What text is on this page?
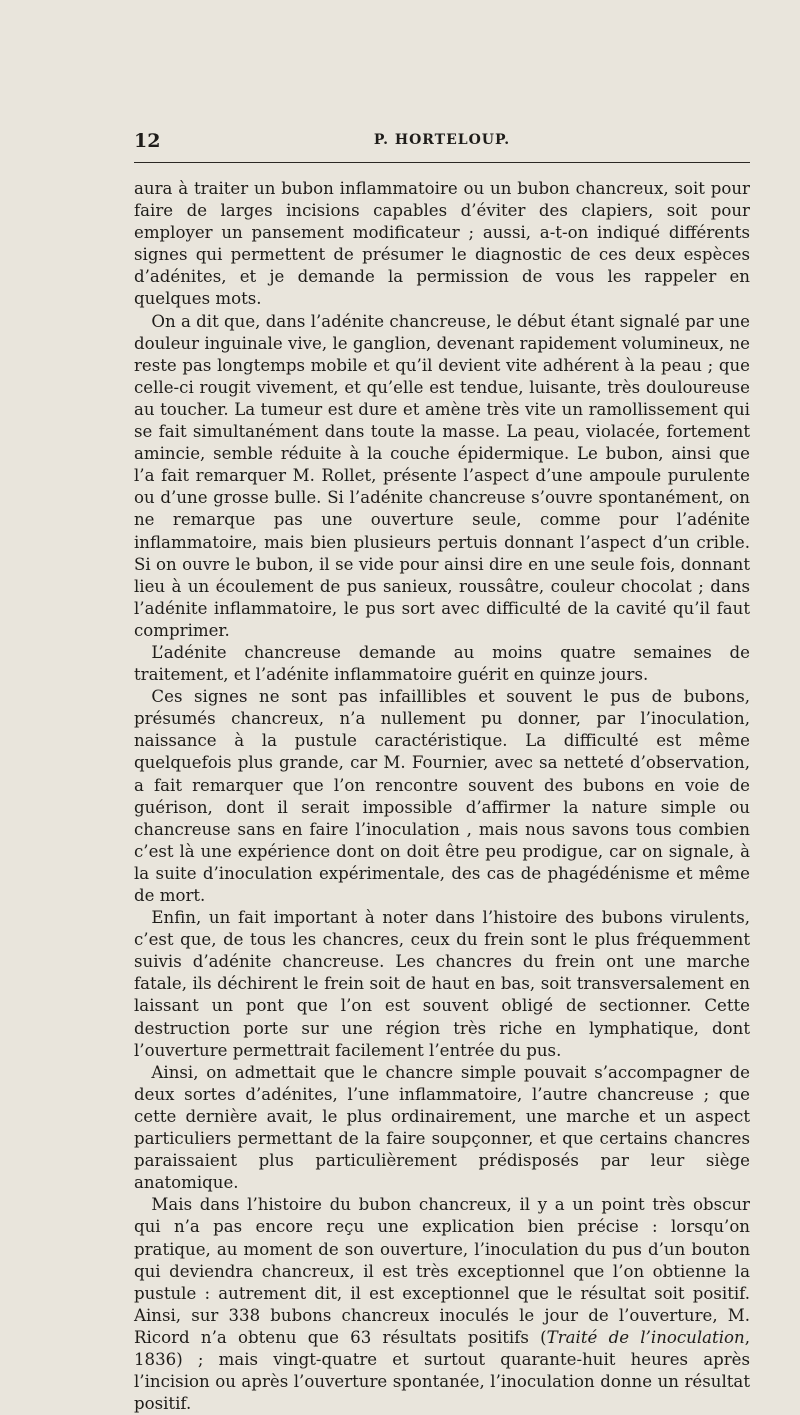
12	P. HORTELOUP.

aura à traiter un bubon inflammatoire ou un bubon chancreux, soit pour faire de larges incisions capables d’éviter des clapiers, soit pour employer un pansement modificateur ; aussi, a-t-on indiqué différents signes qui permettent de présumer le diagnostic de ces deux espèces d’adénites, et je demande la permission de vous les rappeler en quelques mots.

On a dit que, dans l’adénite chancreuse, le début étant signalé par une douleur inguinale vive, le ganglion, devenant rapidement volumineux, ne reste pas longtemps mobile et qu’il devient vite adhérent à la peau ; que celle-ci rougit vivement, et qu’elle est tendue, luisante, très douloureuse au toucher. La tumeur est dure et amène très vite un ramollissement qui se fait simultanément dans toute la masse. La peau, violacée, fortement amincie, semble réduite à la couche épidermique. Le bubon, ainsi que l’a fait remarquer M. Rollet, présente l’aspect d’une ampoule purulente ou d’une grosse bulle. Si l’adénite chancreuse s’ouvre spontanément, on ne remarque pas une ouverture seule, comme pour l’adénite inflammatoire, mais bien plusieurs pertuis donnant l’aspect d’un crible. Si on ouvre le bubon, il se vide pour ainsi dire en une seule fois, donnant lieu à un écoulement de pus sanieux, roussâtre, couleur chocolat ; dans l’adénite inflammatoire, le pus sort avec difficulté de la cavité qu’il faut comprimer.

L’adénite chancreuse demande au moins quatre semaines de traitement, et l’adénite inflammatoire guérit en quinze jours.

Ces signes ne sont pas infaillibles et souvent le pus de bubons, présumés chancreux, n’a nullement pu donner, par l’inoculation, naissance à la pustule caractéristique. La difficulté est même quelquefois plus grande, car M. Fournier, avec sa netteté d’observation, a fait remarquer que l’on rencontre souvent des bubons en voie de guérison, dont il serait impossible d’affirmer la nature simple ou chancreuse sans en faire l’inoculation , mais nous savons tous combien c’est là une expérience dont on doit être peu prodigue, car on signale, à la suite d’inoculation expérimentale, des cas de phagédénisme et même de mort.

Enfin, un fait important à noter dans l’histoire des bubons virulents, c’est que, de tous les chancres, ceux du frein sont le plus fréquemment suivis d’adénite chancreuse. Les chancres du frein ont une marche fatale, ils déchirent le frein soit de haut en bas, soit transversalement en laissant un pont que l’on est souvent obligé de sectionner. Cette destruction porte sur une région très riche en lymphatique, dont l’ouverture permettrait facilement l’entrée du pus.

Ainsi, on admettait que le chancre simple pouvait s’accompagner de deux sortes d’adénites, l’une inflammatoire, l’autre chancreuse ; que cette dernière avait, le plus ordinairement, une marche et un aspect particuliers permettant de la faire soupçonner, et que certains chancres paraissaient plus particulièrement prédisposés par leur siège anatomique.

Mais dans l’histoire du bubon chancreux, il y a un point très obscur qui n’a pas encore reçu une explication bien précise : lorsqu’on pratique, au moment de son ouverture, l’inoculation du pus d’un bouton qui deviendra chancreux, il est très exceptionnel que l’on obtienne la pustule : autrement dit, il est exceptionnel que le résultat soit positif. Ainsi, sur 338 bubons chancreux inoculés le jour de l’ouverture, M. Ricord n’a obtenu que 63 résultats positifs (Traité de l’inoculation, 1836) ; mais vingt-quatre et surtout quarante-huit heures après l’incision ou après l’ouverture spontanée, l’inoculation donne un résultat positif.
